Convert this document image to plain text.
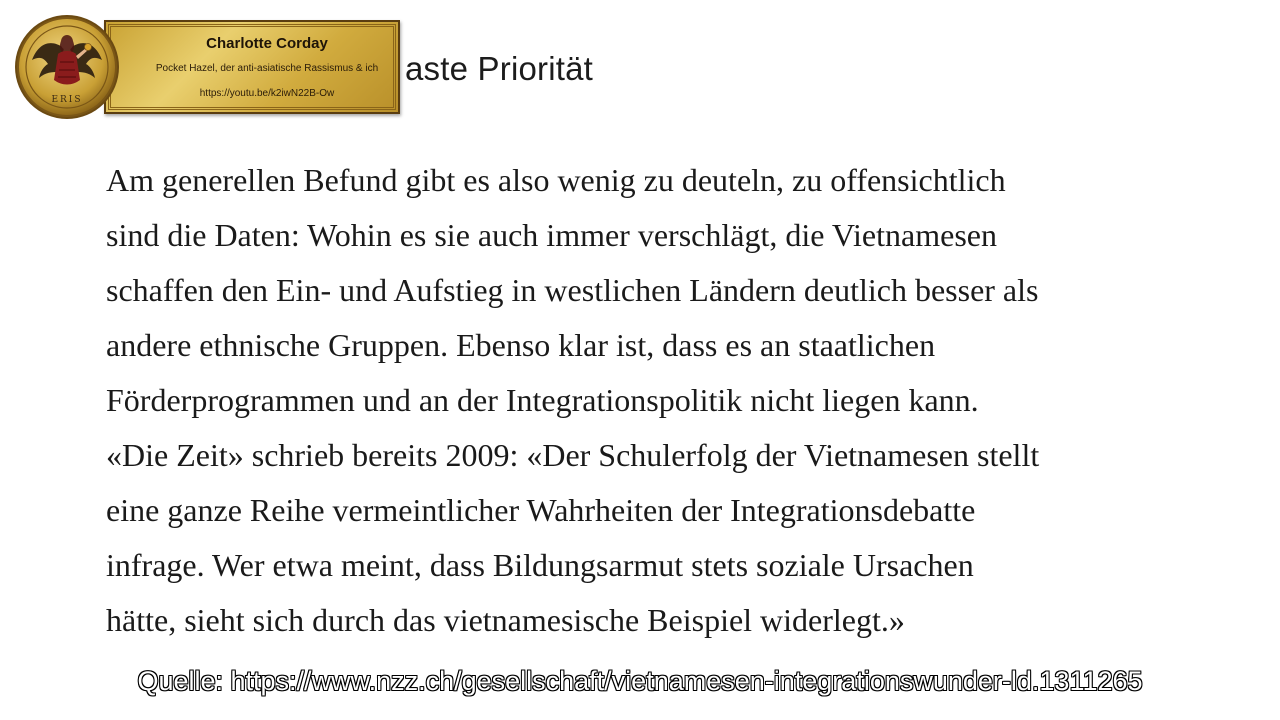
aste Priorität
Am generellen Befund gibt es also wenig zu deuteln, zu offensichtlich
sind die Daten: Wohin es sie auch immer verschlägt, die Vietnamesen
schaffen den Ein- und Aufstieg in westlichen Ländern deutlich besser als
andere ethnische Gruppen. Ebenso klar ist, dass es an staatlichen
Förderprogrammen und an der Integrationspolitik nicht liegen kann.
«Die Zeit» schrieb bereits 2009: «Der Schulerfolg der Vietnamesen stellt
eine ganze Reihe vermeintlicher Wahrheiten der Integrationsdebatte
infrage. Wer etwa meint, dass Bildungsarmut stets soziale Ursachen
hätte, sieht sich durch das vietnamesische Beispiel widerlegt.»
Charlotte Corday
Pocket Hazel, der anti-asiatische Rassismus & ich
https://youtu.be/k2iwN22B-Ow
ERIS
Quelle: https://www.nzz.ch/gesellschaft/vietnamesen-integrationswunder-ld.1311265
